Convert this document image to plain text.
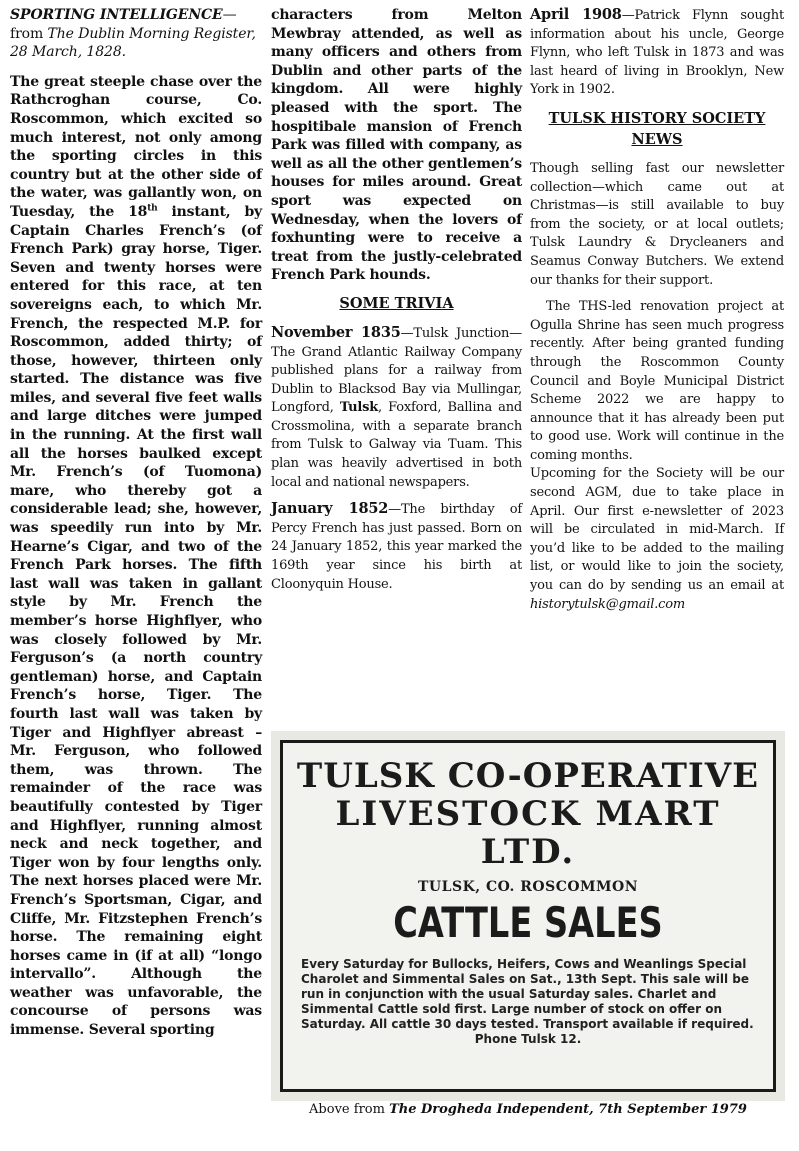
SPORTING INTELLIGENCE—from The Dublin Morning Register, 28 March, 1828.

The great steeple chase over the Rathcroghan course, Co. Roscommon, which excited so much interest, not only among the sporting circles in this country but at the other side of the water, was gallantly won, on Tuesday, the 18th instant, by Captain Charles French’s (of French Park) gray horse, Tiger. Seven and twenty horses were entered for this race, at ten sovereigns each, to which Mr. French, the respected M.P. for Roscommon, added thirty; of those, however, thirteen only started. The distance was five miles, and several five feet walls and large ditches were jumped in the running. At the first wall all the horses baulked except Mr. French’s (of Tuomona) mare, who thereby got a considerable lead; she, however, was speedily run into by Mr. Hearne’s Cigar, and two of the French Park horses. The fifth last wall was taken in gallant style by Mr. French the member’s horse Highflyer, who was closely followed by Mr. Ferguson’s (a north country gentleman) horse, and Captain French’s horse, Tiger. The fourth last wall was taken by Tiger and Highflyer abreast – Mr. Ferguson, who followed them, was thrown. The remainder of the race was beautifully contested by Tiger and Highflyer, running almost neck and neck together, and Tiger won by four lengths only. The next horses placed were Mr. French’s Sportsman, Cigar, and Cliffe, Mr. Fitzstephen French’s horse. The remaining eight horses came in (if at all) “longo intervallo”. Although the weather was unfavorable, the concourse of persons was immense. Several sporting

characters from Melton Mewbray attended, as well as many officers and others from Dublin and other parts of the kingdom. All were highly pleased with the sport. The hospitibale mansion of French Park was filled with company, as well as all the other gentlemen’s houses for miles around. Great sport was expected on Wednesday, when the lovers of foxhunting were to receive a treat from the justly-celebrated French Park hounds.

SOME TRIVIA

November 1835—Tulsk Junction—The Grand Atlantic Railway Company published plans for a railway from Dublin to Blacksod Bay via Mullingar, Longford, Tulsk, Foxford, Ballina and Crossmolina, with a separate branch from Tulsk to Galway via Tuam. This plan was heavily advertised in both local and national newspapers.

January 1852—The birthday of Percy French has just passed. Born on 24 January 1852, this year marked the 169th year since his birth at Cloonyquin House.

April 1908—Patrick Flynn sought information about his uncle, George Flynn, who left Tulsk in 1873 and was last heard of living in Brooklyn, New York in 1902.

TULSK HISTORY SOCIETY NEWS

Though selling fast our newsletter collection—which came out at Christmas—is still available to buy from the society, or at local outlets; Tulsk Laundry & Drycleaners and Seamus Conway Butchers. We extend our thanks for their support.

The THS-led renovation project at Ogulla Shrine has seen much progress recently. After being granted funding through the Roscommon County Council and Boyle Municipal District Scheme 2022 we are happy to announce that it has already been put to good use. Work will continue in the coming months.

Upcoming for the Society will be our second AGM, due to take place in April. Our first e-newsletter of 2023 will be circulated in mid-March. If you’d like to be added to the mailing list, or would like to join the society, you can do by sending us an email at historytulsk@gmail.com

TULSK CO-OPERATIVE
LIVESTOCK MART LTD.
TULSK, CO. ROSCOMMON
CATTLE SALES
Every Saturday for Bullocks, Heifers, Cows and Weanlings Special Charolet and Simmental Sales on Sat., 13th Sept. This sale will be run in conjunction with the usual Saturday sales. Charlet and Simmental Cattle sold first. Large number of stock on offer on Saturday. All cattle 30 days tested. Transport available if required.
Phone Tulsk 12.
Above from The Drogheda Independent, 7th September 1979
